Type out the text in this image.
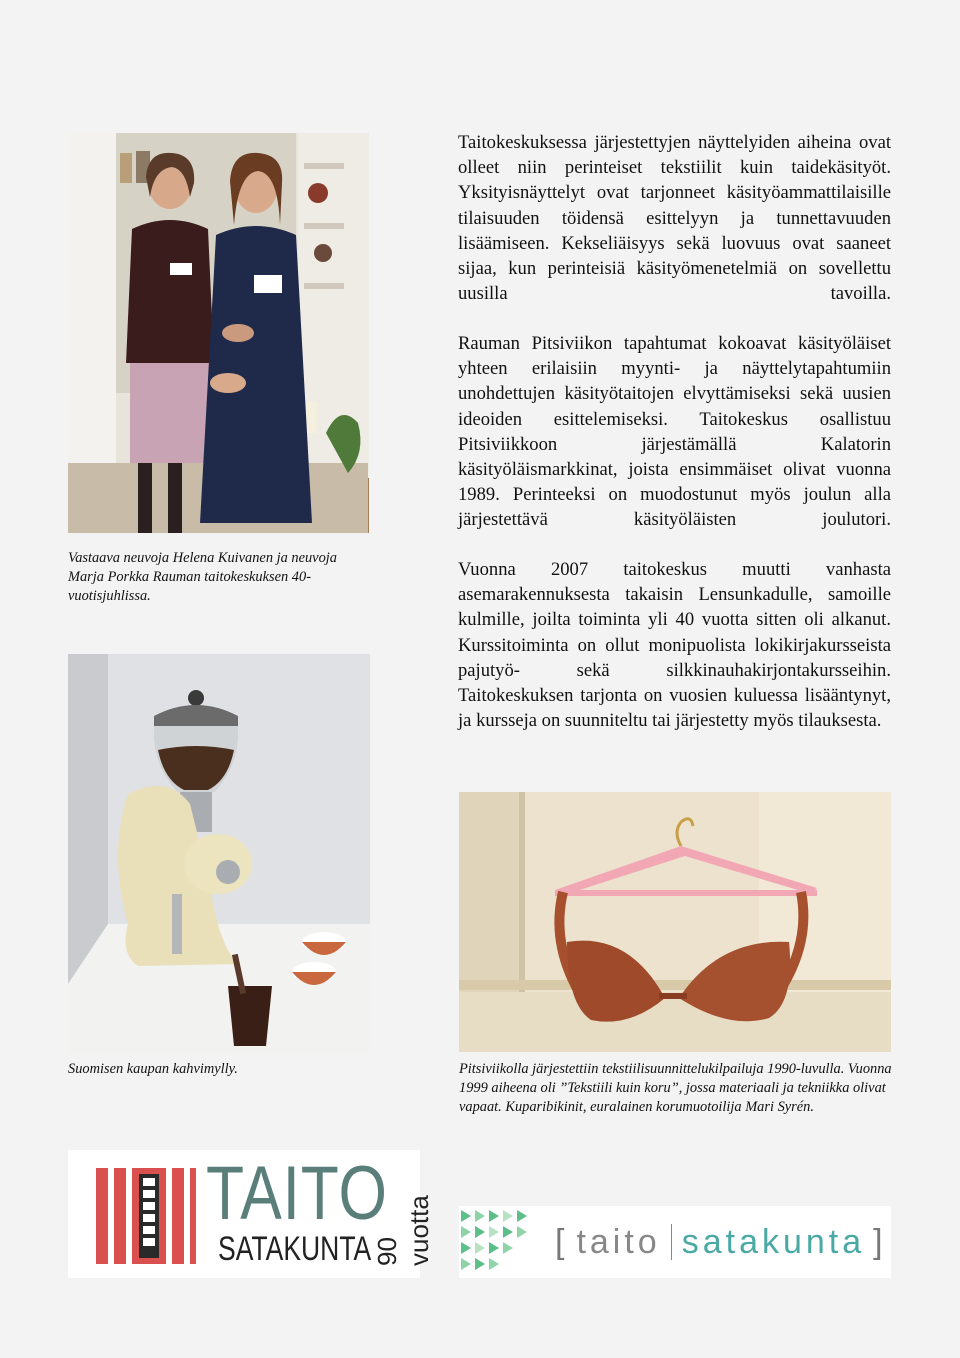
Vastaava neuvoja Helena Kuivanen ja neuvoja Marja Porkka Rauman taitokeskuksen 40-vuotisjuhlissa.

Suomisen kaupan kahvimylly.

Taitokeskuksessa järjestettyjen näyttelyiden aiheina ovat olleet niin perinteiset tekstiilit kuin taidekäsityöt. Yksityisnäyttelyt ovat tarjonneet käsityöammattilaisille tilaisuuden töidensä esittelyyn ja tunnettavuuden lisäämiseen. Kekseliäisyys sekä luovuus ovat saaneet sijaa, kun perinteisiä käsityömenetelmiä on sovellettu uusilla tavoilla.

Rauman Pitsiviikon tapahtumat kokoavat käsityöläiset yhteen erilaisiin myynti- ja näyttelytapahtumiin unohdettujen käsityötaitojen elvyttämiseksi sekä uusien ideoiden esittelemiseksi. Taitokeskus osallistuu Pitsiviikkoon järjestämällä Kalatorin käsityöläismarkkinat, joista ensimmäiset olivat vuonna 1989. Perinteeksi on muodostunut myös joulun alla järjestettävä käsityöläisten joulutori.

Vuonna 2007 taitokeskus muutti vanhasta asemarakennuksesta takaisin Lensunkadulle, samoille kulmille, joilta toiminta yli 40 vuotta sitten oli alkanut. Kurssitoiminta on ollut monipuolista lokikirjakursseista pajutyö- sekä silkkinauhakirjontakursseihin. Taitokeskuksen tarjonta on vuosien kuluessa lisääntynyt, ja kursseja on suunniteltu tai järjestetty myös tilauksesta.

Pitsiviikolla järjestettiin tekstiilisuunnittelukilpailuja 1990-luvulla. Vuonna 1999 aiheena oli ”Tekstiili kuin koru”, jossa materiaali ja tekniikka olivat vapaat. Kuparibikinit, euralainen korumuotoilija Mari Syrén.

TAITO
SATAKUNTA 90 vuotta	[ taito satakunta ]
